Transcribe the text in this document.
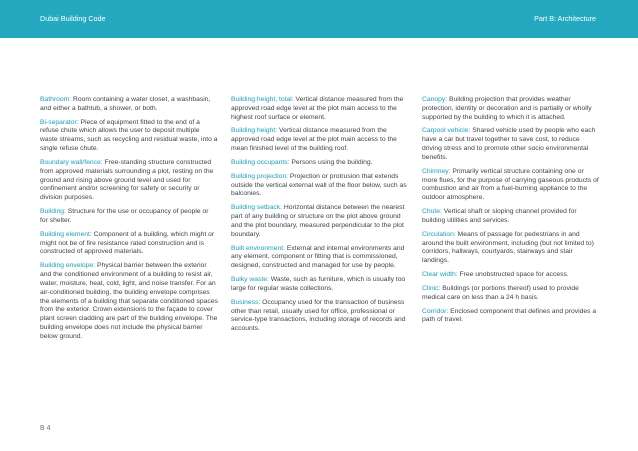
Dubai Building Code	Part B: Architecture

Bathroom: Room containing a water closet, a washbasin, and either a bathtub, a shower, or both.

Bi-separator: Piece of equipment fitted to the end of a refuse chute which allows the user to deposit multiple waste streams, such as recycling and residual waste, into a single refuse chute.

Boundary wall/fence: Free-standing structure constructed from approved materials surrounding a plot, resting on the ground and rising above ground level and used for confinement and/or screening for safety or security or division purposes.

Building: Structure for the use or occupancy of people or for shelter.

Building element: Component of a building, which might or might not be of fire resistance rated construction and is constructed of approved materials.

Building envelope: Physical barrier between the exterior and the conditioned environment of a building to resist air, water, moisture, heat, cold, light, and noise transfer. For an air-conditioned building, the building envelope comprises the elements of a building that separate conditioned spaces from the exterior. Crown extensions to the façade to cover plant screen cladding are part of the building envelope. The building envelope does not include the physical barrier below ground.

Building height, total: Vertical distance measured from the approved road edge level at the plot main access to the highest roof surface or element.

Building height: Vertical distance measured from the approved road edge level at the plot main access to the mean finished level of the building roof.

Building occupants: Persons using the building.

Building projection: Projection or protrusion that extends outside the vertical external wall of the floor below, such as balconies.

Building setback: Horizontal distance between the nearest part of any building or structure on the plot above ground and the plot boundary, measured perpendicular to the plot boundary.

Built environment: External and internal environments and any element, component or fitting that is commissioned, designed, constructed and managed for use by people.

Bulky waste: Waste, such as furniture, which is usually too large for regular waste collections.

Business: Occupancy used for the transaction of business other than retail, usually used for office, professional or service-type transactions, including storage of records and accounts.

Canopy: Building projection that provides weather protection, identity or decoration and is partially or wholly supported by the building to which it is attached.

Carpool vehicle: Shared vehicle used by people who each have a car but travel together to save cost, to reduce driving stress and to promote other socio environmental benefits.

Chimney: Primarily vertical structure containing one or more flues, for the purpose of carrying gaseous products of combustion and air from a fuel-burning appliance to the outdoor atmosphere.

Chute: Vertical shaft or sloping channel provided for building utilities and services.

Circulation: Means of passage for pedestrians in and around the built environment, including (but not limited to) corridors, hallways, courtyards, stairways and stair landings.

Clear width: Free unobstructed space for access.

Clinic: Buildings (or portions thereof) used to provide medical care on less than a 24 h basis.

Corridor: Enclosed component that defines and provides a path of travel.

B 4
